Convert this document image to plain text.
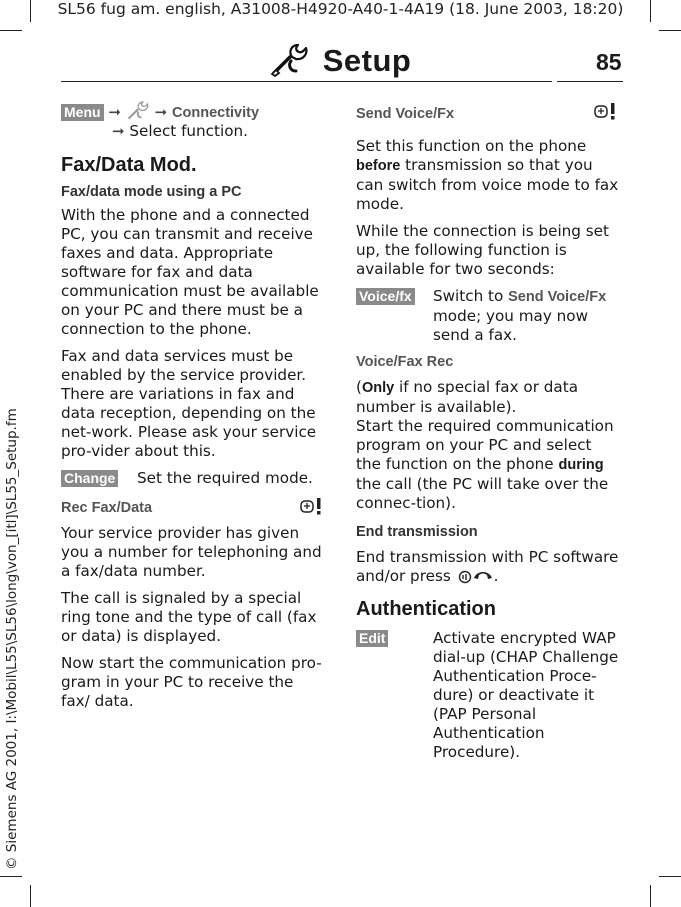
SL56 fug am. english, A31008-H4920-A40-1-4A19 (18. June 2003, 18:20)
© Siemens AG 2001, I:\Mobil\L55\SL56\long\von_[itl]\SL55_Setup.fm
Setup	85
Menu ➞ ➞ Connectivity
➞ Select function.
Fax/Data Mod.
Fax/data mode using a PC

With the phone and a connected PC, you can transmit and receive faxes and data. Appropriate software for fax and data communication must be available on your PC and there must be a connection to the phone.

Fax and data services must be enabled by the service provider. There are variations in fax and data reception, depending on the net-work. Please ask your service pro-vider about this.

Change	Set the required mode.
Rec Fax/Data

Your service provider has given you a number for telephoning and a fax/data number.

The call is signaled by a special ring tone and the type of call (fax or data) is displayed.

Now start the communication pro-gram in your PC to receive the fax/ data.

Send Voice/Fx

Set this function on the phone before transmission so that you can switch from voice mode to fax mode.

While the connection is being set up, the following function is available for two seconds:

Voice/fx	Switch to Send Voice/Fx mode; you may now send a fax.
Voice/Fax Rec

(Only if no special fax or data number is available).
Start the required communication program on your PC and select the function on the phone during the call (the PC will take over the connec-tion).

End transmission

End transmission with PC software and/or press	.

Authentication
Edit	Activate encrypted WAP dial-up (CHAP Challenge Authentication Proce-dure) or deactivate it (PAP Personal Authentication Procedure).
